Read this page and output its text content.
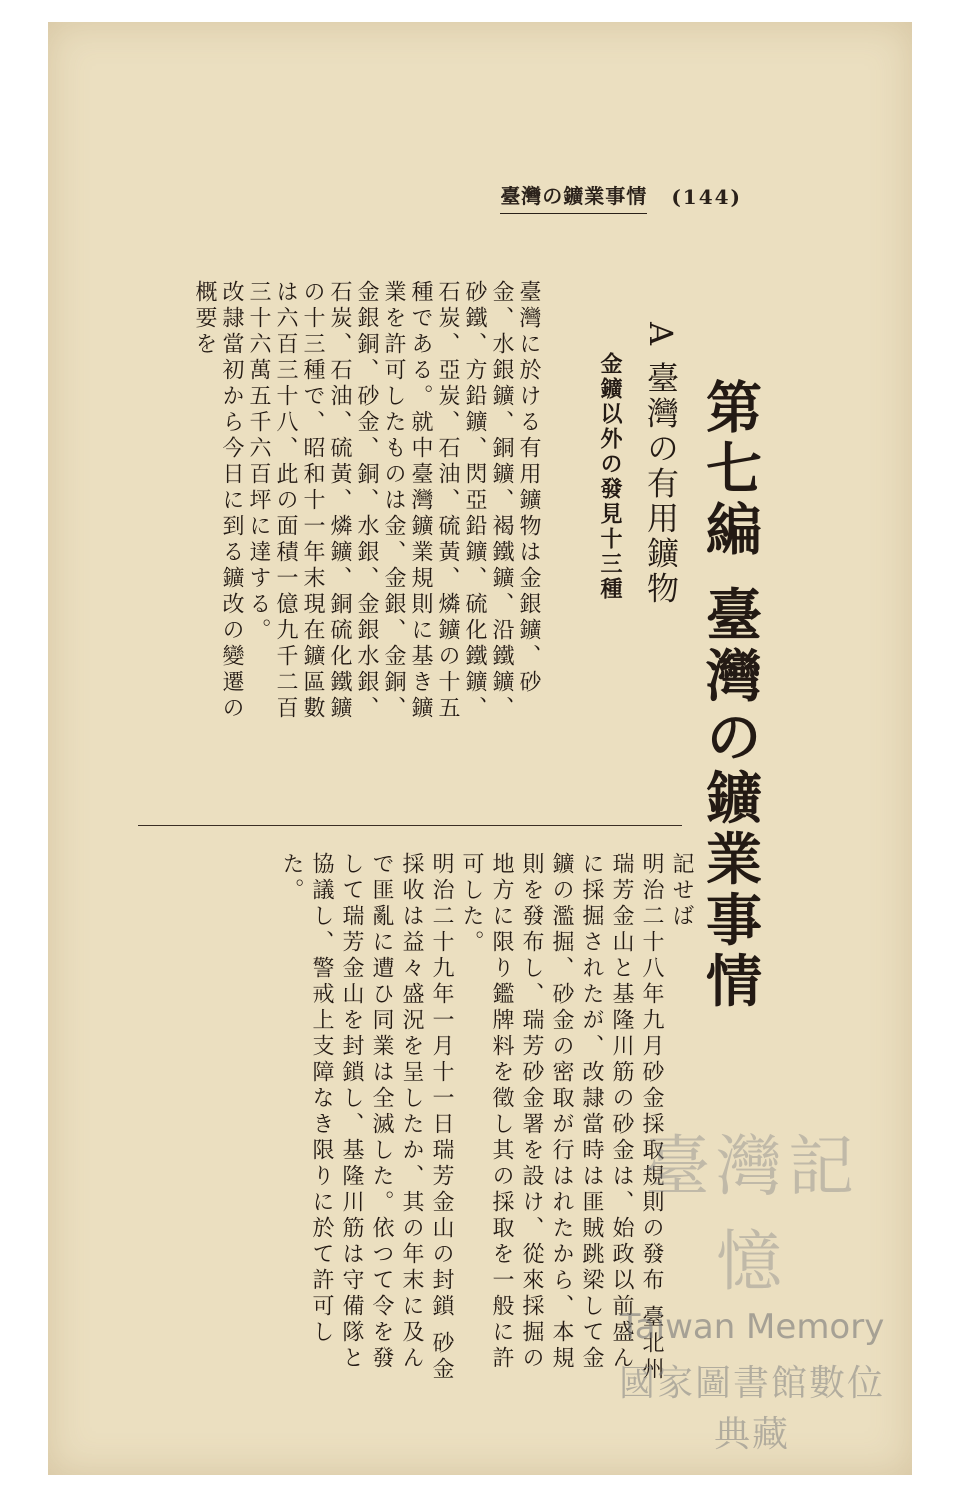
臺灣の鑛業事情 (144)
第七編 臺灣の鑛業事情
A 臺灣の有用鑛物
金鑛以外の發見十三種
臺灣に於ける有用鑛物は金銀鑛、砂金、水銀鑛、銅鑛、褐鐵鑛、沿鐵鑛、砂鐵、方鉛鑛、閃亞鉛鑛、硫化鐵鑛、石炭、亞炭、石油、硫黃、燐鑛の十五種である。就中臺灣鑛業規則に基き鑛業を許可したものは金、金銀、金銅、金銀銅、砂金、銅、水銀、金銀水銀、石炭、石油、硫黃、燐鑛、銅硫化鐵鑛の十三種で、昭和十一年末現在鑛區數は六百三十八、此の面積一億九千二百三十六萬五千六百坪に達する。
改隷當初から今日に到る鑛改の變遷の概要を
記せば
明治二十八年九月砂金採取規則の發布 臺北州瑞芳金山と基隆川筋の砂金は、始政以前盛んに採掘されたが、改隷當時は匪賊跳梁して金鑛の濫掘、砂金の密取が行はれたから、本規則を發布し、瑞芳砂金署を設け、從來採掘の地方に限り鑑牌料を徵し其の採取を一般に許可した。
明治二十九年一月十一日瑞芳金山の封鎖 砂金採收は益々盛況を呈したか、其の年末に及んで匪亂に遭ひ同業は全滅した。依つて令を發して瑞芳金山を封鎖し、基隆川筋は守備隊と協議し、警戒上支障なき限りに於て許可した。
臺灣記憶
Taiwan Memory
國家圖書館數位典藏
